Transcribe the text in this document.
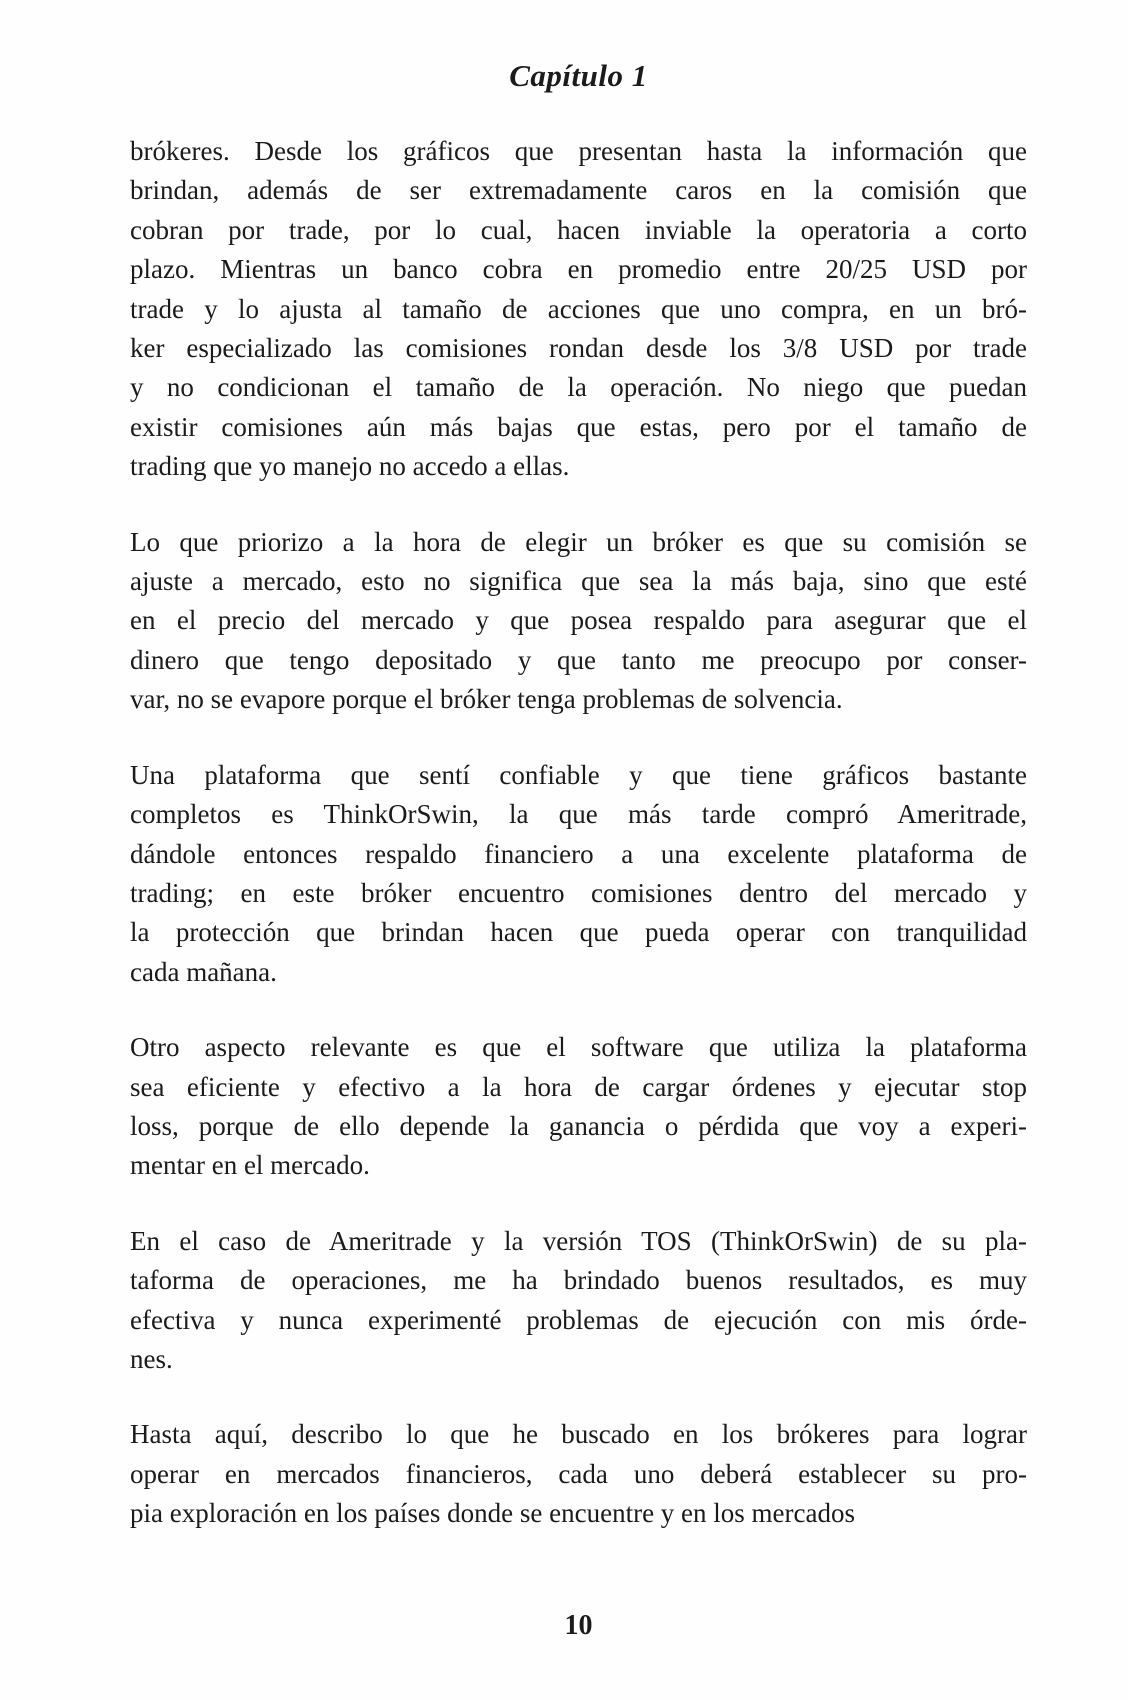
Capítulo 1
brókeres. Desde los gráficos que presentan hasta la información que
brindan, además de ser extremadamente caros en la comisión que
cobran por trade, por lo cual, hacen inviable la operatoria a corto
plazo. Mientras un banco cobra en promedio entre 20/25 USD por
trade y lo ajusta al tamaño de acciones que uno compra, en un bró-
ker especializado las comisiones rondan desde los 3/8 USD por trade
y no condicionan el tamaño de la operación. No niego que puedan
existir comisiones aún más bajas que estas, pero por el tamaño de
trading que yo manejo no accedo a ellas.
Lo que priorizo a la hora de elegir un bróker es que su comisión se
ajuste a mercado, esto no significa que sea la más baja, sino que esté
en el precio del mercado y que posea respaldo para asegurar que el
dinero que tengo depositado y que tanto me preocupo por conser-
var, no se evapore porque el bróker tenga problemas de solvencia.
Una plataforma que sentí confiable y que tiene gráficos bastante
completos es ThinkOrSwin, la que más tarde compró Ameritrade,
dándole entonces respaldo financiero a una excelente plataforma de
trading; en este bróker encuentro comisiones dentro del mercado y
la protección que brindan hacen que pueda operar con tranquilidad
cada mañana.
Otro aspecto relevante es que el software que utiliza la plataforma
sea eficiente y efectivo a la hora de cargar órdenes y ejecutar stop
loss, porque de ello depende la ganancia o pérdida que voy a experi-
mentar en el mercado.
En el caso de Ameritrade y la versión TOS (ThinkOrSwin) de su pla-
taforma de operaciones, me ha brindado buenos resultados, es muy
efectiva y nunca experimenté problemas de ejecución con mis órde-
nes.
Hasta aquí, describo lo que he buscado en los brókeres para lograr
operar en mercados financieros, cada uno deberá establecer su pro-
pia exploración en los países donde se encuentre y en los mercados
10
